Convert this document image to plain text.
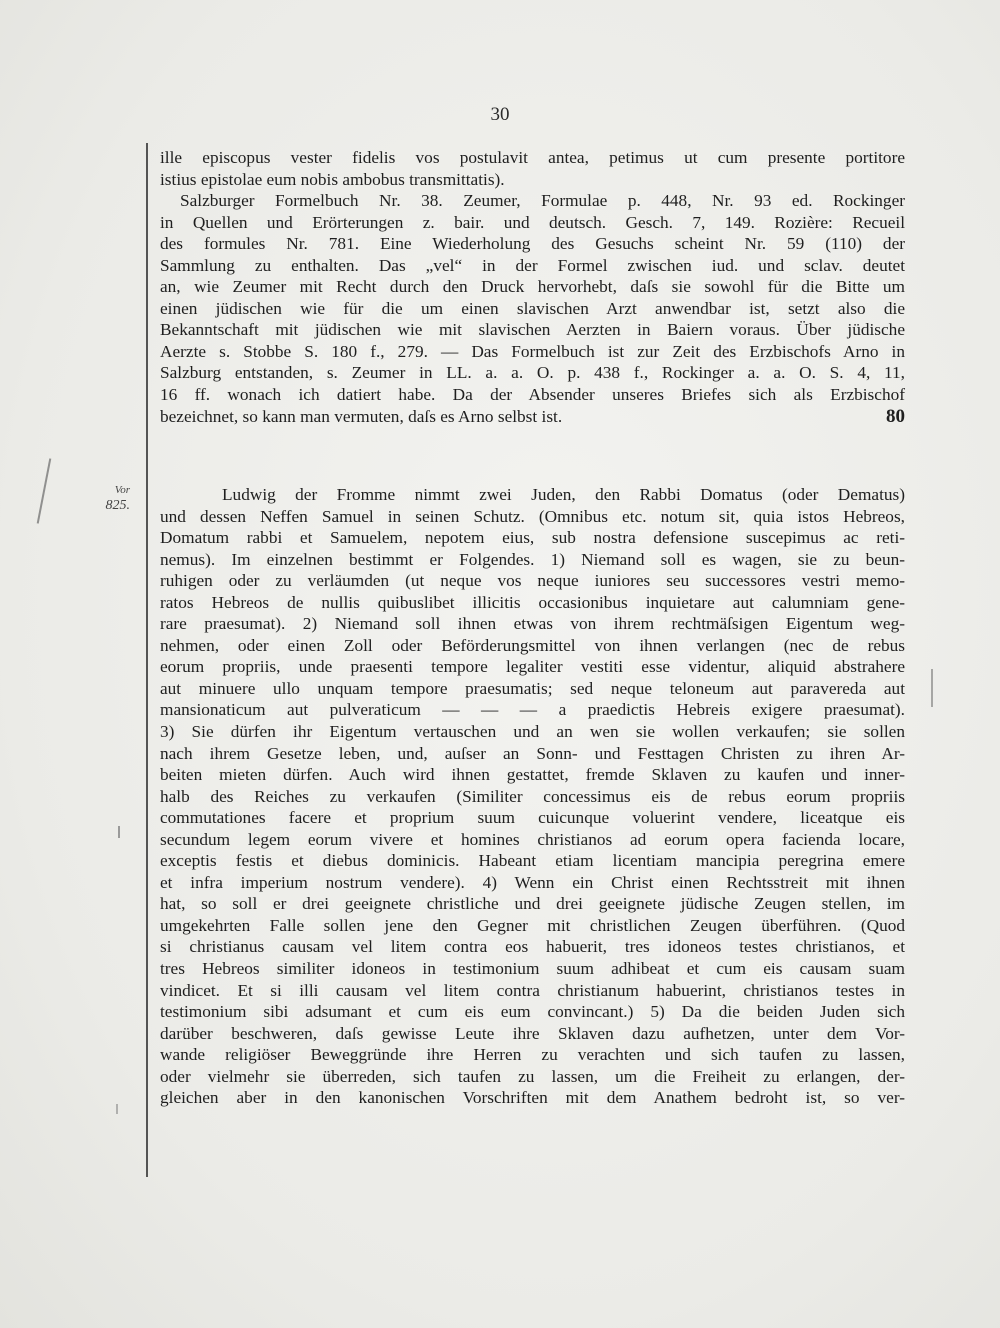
30
Vor
825.
ille episcopus vester fidelis vos postulavit antea, petimus ut cum presente portitore
istius epistolae eum nobis ambobus transmittatis).
Salzburger Formelbuch Nr. 38. Zeumer, Formulae p. 448, Nr. 93 ed. Rockinger
in Quellen und Erörterungen z. bair. und deutsch. Gesch. 7, 149. Rozière: Recueil
des formules Nr. 781. Eine Wiederholung des Gesuchs scheint Nr. 59 (110) der
Sammlung zu enthalten. Das „vel“ in der Formel zwischen iud. und sclav. deutet
an, wie Zeumer mit Recht durch den Druck hervorhebt, daſs sie sowohl für die Bitte um
einen jüdischen wie für die um einen slavischen Arzt anwendbar ist, setzt also die
Bekanntschaft mit jüdischen wie mit slavischen Aerzten in Baiern voraus. Über jüdische
Aerzte s. Stobbe S. 180 f., 279. — Das Formelbuch ist zur Zeit des Erzbischofs Arno in
Salzburg entstanden, s. Zeumer in LL. a. a. O. p. 438 f., Rockinger a. a. O. S. 4, 11,
16 ff. wonach ich datiert habe. Da der Absender unseres Briefes sich als Erzbischof
bezeichnet, so kann man vermuten, daſs es Arno selbst ist.	80
Ludwig der Fromme nimmt zwei Juden, den Rabbi Domatus (oder Dematus)
und dessen Neffen Samuel in seinen Schutz. (Omnibus etc. notum sit, quia istos Hebreos,
Domatum rabbi et Samuelem, nepotem eius, sub nostra defensione suscepimus ac reti-
nemus). Im einzelnen bestimmt er Folgendes. 1) Niemand soll es wagen, sie zu beun-
ruhigen oder zu verläumden (ut neque vos neque iuniores seu successores vestri memo-
ratos Hebreos de nullis quibuslibet illicitis occasionibus inquietare aut calumniam gene-
rare praesumat). 2) Niemand soll ihnen etwas von ihrem rechtmäſsigen Eigentum weg-
nehmen, oder einen Zoll oder Beförderungsmittel von ihnen verlangen (nec de rebus
eorum propriis, unde praesenti tempore legaliter vestiti esse videntur, aliquid abstrahere
aut minuere ullo unquam tempore praesumatis; sed neque teloneum aut paravereda aut
mansionaticum aut pulveraticum — — — a praedictis Hebreis exigere praesumat).
3) Sie dürfen ihr Eigentum vertauschen und an wen sie wollen verkaufen; sie sollen
nach ihrem Gesetze leben, und, auſser an Sonn- und Festtagen Christen zu ihren Ar-
beiten mieten dürfen. Auch wird ihnen gestattet, fremde Sklaven zu kaufen und inner-
halb des Reiches zu verkaufen (Similiter concessimus eis de rebus eorum propriis
commutationes facere et proprium suum cuicunque voluerint vendere, liceatque eis
secundum legem eorum vivere et homines christianos ad eorum opera facienda locare,
exceptis festis et diebus dominicis. Habeant etiam licentiam mancipia peregrina emere
et infra imperium nostrum vendere). 4) Wenn ein Christ einen Rechtsstreit mit ihnen
hat, so soll er drei geeignete christliche und drei geeignete jüdische Zeugen stellen, im
umgekehrten Falle sollen jene den Gegner mit christlichen Zeugen überführen. (Quod
si christianus causam vel litem contra eos habuerit, tres idoneos testes christianos, et
tres Hebreos similiter idoneos in testimonium suum adhibeat et cum eis causam suam
vindicet. Et si illi causam vel litem contra christianum habuerint, christianos testes in
testimonium sibi adsumant et cum eis eum convincant.) 5) Da die beiden Juden sich
darüber beschweren, daſs gewisse Leute ihre Sklaven dazu aufhetzen, unter dem Vor-
wande religiöser Beweggründe ihre Herren zu verachten und sich taufen zu lassen,
oder vielmehr sie überreden, sich taufen zu lassen, um die Freiheit zu erlangen, der-
gleichen aber in den kanonischen Vorschriften mit dem Anathem bedroht ist, so ver-
